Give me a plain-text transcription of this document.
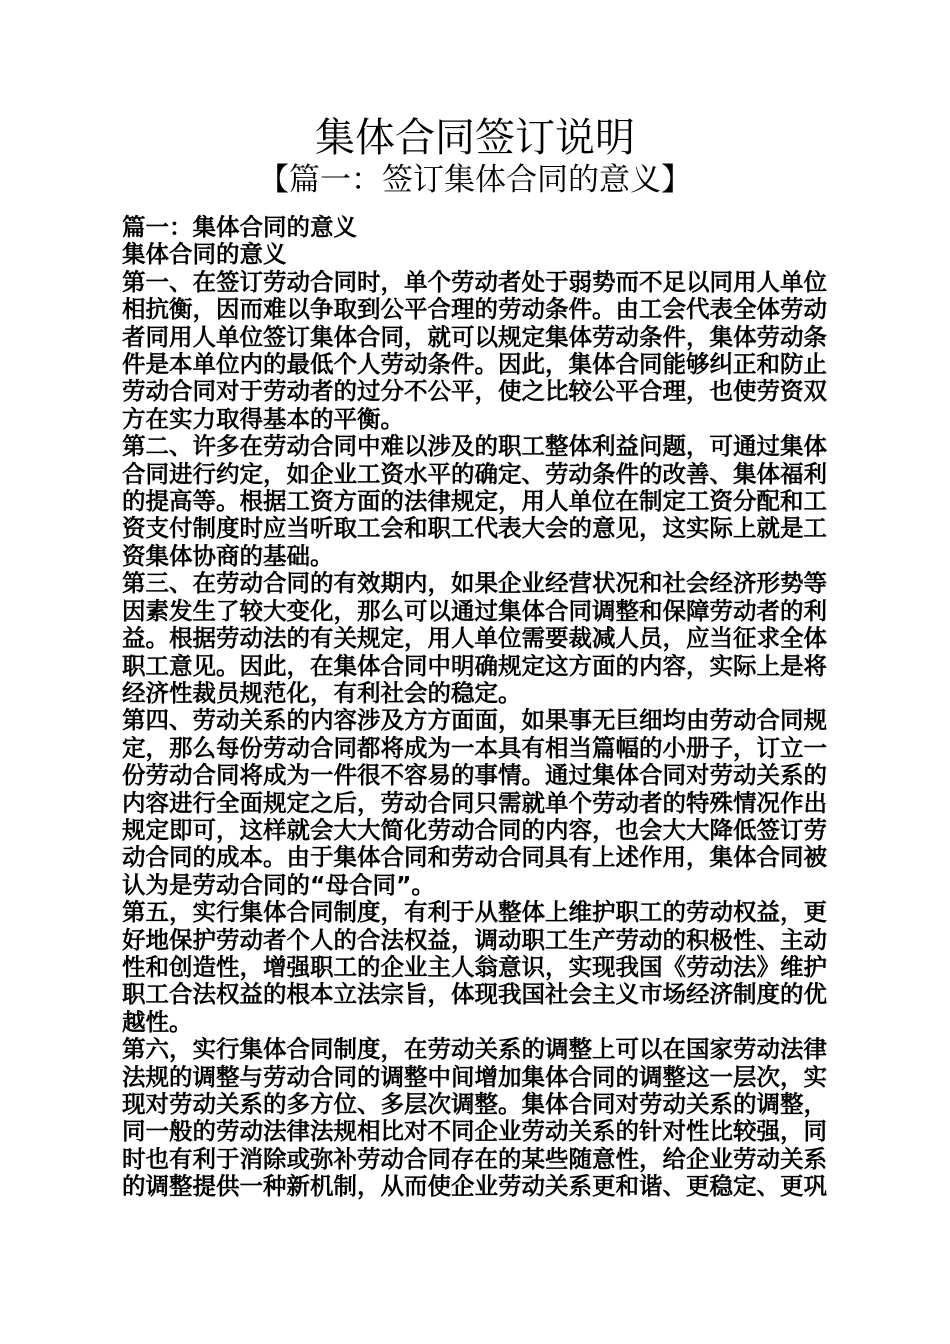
集体合同签订说明
【篇一：签订集体合同的意义】

篇一：集体合同的意义

集体合同的意义

第一、在签订劳动合同时，单个劳动者处于弱势而不足以同用人单位相抗衡，因而难以争取到公平合理的劳动条件。由工会代表全体劳动者同用人单位签订集体合同，就可以规定集体劳动条件，集体劳动条件是本单位内的最低个人劳动条件。因此，集体合同能够纠正和防止劳动合同对于劳动者的过分不公平，使之比较公平合理，也使劳资双方在实力取得基本的平衡。

第二、许多在劳动合同中难以涉及的职工整体利益问题，可通过集体合同进行约定，如企业工资水平的确定、劳动条件的改善、集体福利的提高等。根据工资方面的法律规定，用人单位在制定工资分配和工资支付制度时应当听取工会和职工代表大会的意见，这实际上就是工资集体协商的基础。

第三、在劳动合同的有效期内，如果企业经营状况和社会经济形势等因素发生了较大变化，那么可以通过集体合同调整和保障劳动者的利益。根据劳动法的有关规定，用人单位需要裁减人员，应当征求全体职工意见。因此，在集体合同中明确规定这方面的内容，实际上是将经济性裁员规范化，有利社会的稳定。

第四、劳动关系的内容涉及方方面面，如果事无巨细均由劳动合同规定，那么每份劳动合同都将成为一本具有相当篇幅的小册子，订立一份劳动合同将成为一件很不容易的事情。通过集体合同对劳动关系的内容进行全面规定之后，劳动合同只需就单个劳动者的特殊情况作出规定即可，这样就会大大简化劳动合同的内容，也会大大降低签订劳动合同的成本。由于集体合同和劳动合同具有上述作用，集体合同被认为是劳动合同的“母合同”。

第五，实行集体合同制度，有利于从整体上维护职工的劳动权益，更好地保护劳动者个人的合法权益，调动职工生产劳动的积极性、主动性和创造性，增强职工的企业主人翁意识，实现我国《劳动法》维护职工合法权益的根本立法宗旨，体现我国社会主义市场经济制度的优越性。

第六，实行集体合同制度，在劳动关系的调整上可以在国家劳动法律法规的调整与劳动合同的调整中间增加集体合同的调整这一层次，实现对劳动关系的多方位、多层次调整。集体合同对劳动关系的调整，同一般的劳动法律法规相比对不同企业劳动关系的针对性比较强，同时也有利于消除或弥补劳动合同存在的某些随意性，给企业劳动关系的调整提供一种新机制，从而使企业劳动关系更和谐、更稳定、更巩
